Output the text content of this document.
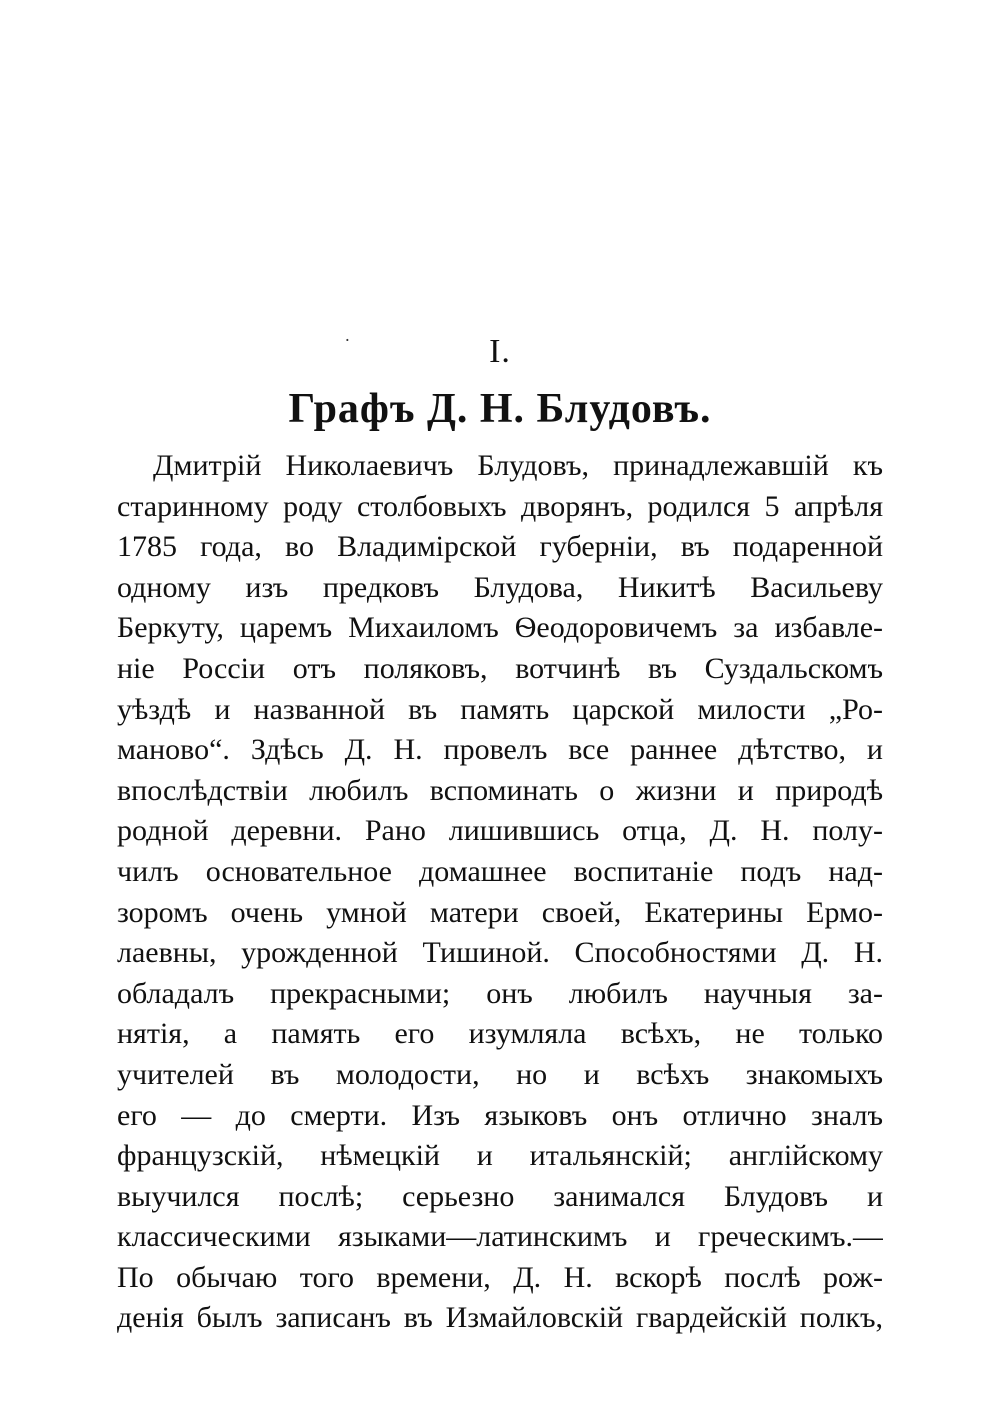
˙	I.
Графъ Д. Н. Блудовъ.
Дмитрій Николаевичъ Блудовъ, принадлежавшій къ
старинному роду столбовыхъ дворянъ, родился 5 апрѣля
1785 года, во Владимірской губерніи, въ подаренной
одному изъ предковъ Блудова, Никитѣ Васильеву
Беркуту, царемъ Михаиломъ Ѳеодоровичемъ за избавле-
ніе Россіи отъ поляковъ, вотчинѣ въ Суздальскомъ
уѣздѣ и названной въ память царской милости „Ро-
маново“. Здѣсь Д. Н. провелъ все раннее дѣтство, и
впослѣдствіи любилъ вспоминать о жизни и природѣ
родной деревни. Рано лишившись отца, Д. Н. полу-
чилъ основательное домашнее воспитаніе подъ над-
зоромъ очень умной матери своей, Екатерины Ермо-
лаевны, урожденной Тишиной. Способностями Д. Н.
обладалъ прекрасными; онъ любилъ научныя за-
нятія, а память его изумляла всѣхъ, не только
учителей въ молодости, но и всѣхъ знакомыхъ
его — до смерти. Изъ языковъ онъ отлично зналъ
французскій, нѣмецкій и итальянскій; англійскому
выучился послѣ; серьезно занимался Блудовъ и
классическими языками—латинскимъ и греческимъ.—
По обычаю того времени, Д. Н. вскорѣ послѣ рож-
денія былъ записанъ въ Измайловскій гвардейскій полкъ,
